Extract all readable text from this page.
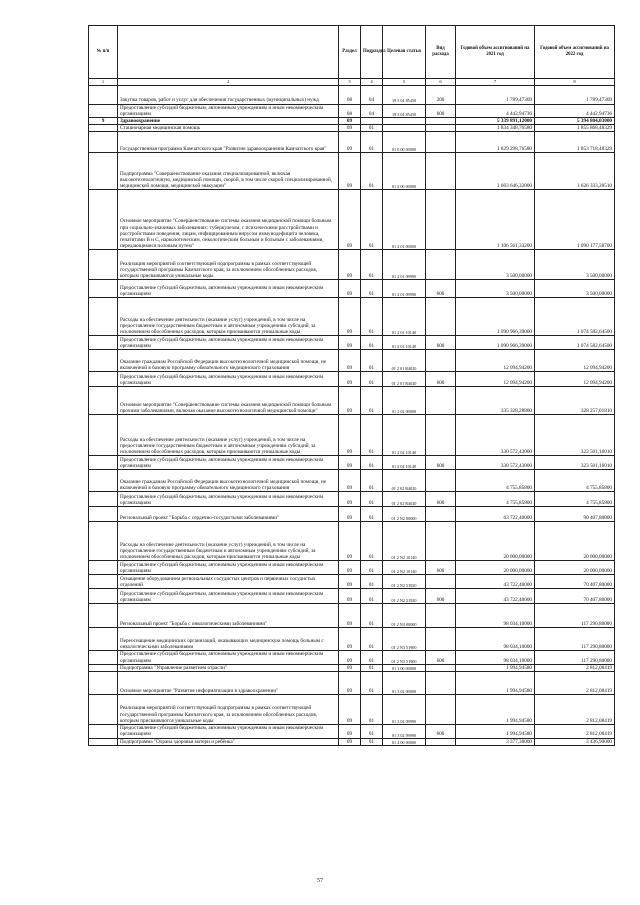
№ п/п		Раздел	Подраздел	Целевая статья	Вид расхода	Годовой объем ассигнований на 2021 год	Годовой объем ассигнований на 2022 год
1	2	3	4	5	6	7	8
	Закупка товаров, работ и услуг для обеспечения государственных (муниципальных) нужд	08	04	19 3 04 85450	200	1 789,47369	1 789,47369
	Предоставление субсидий бюджетным, автономным учреждениям и иным некоммерческим организациям	08	04	19 3 04 85450	600	4 442,94736	4 442,94736
9	Здравоохранение	09				5 339 891,12000	5 394 804,03000
	Стационарная медицинская помощь	09	01			1 834 348,76580	1 855 868,48329
	Государственная программа Камчатского края "Развитие здравоохранения Камчатского края"	09	01	01 0 00 00000		1 829 298,76580	1 853 718,48329
	Подпрограмма "Совершенствование оказания специализированной, включая высокотехнологичную, медицинской помощи, скорой, в том числе скорой специализированной, медицинской помощи, медицинской эвакуации"	09	01	01 2 00 00000		1 603 646,32000	1 626 333,20510
	Основное мероприятие "Совершенствование системы оказания медицинской помощи больным при социально-значимых заболеваниях: туберкулезом, с психическими расстройствами и расстройствами поведения, лицам, инфицированным вирусом иммунодефицита человека, гепатитами В и С, наркологическим, онкологическим больным и больным с заболеваниями, передающимися половым путем"	09	01	01 2 01 00000		1 106 561,33200	1 090 177,58700
	Реализация мероприятий соответствующей подпрограммы в рамках соответствующей государственной программы Камчатского края, за исключением обособленных расходов, которым присваиваются уникальные коды	09	01	01 2 01 09990		3 500,00000	3 500,00000
	Предоставление субсидий бюджетным, автономным учреждениям и иным некоммерческим организациям	09	01	01 2 01 09990	600	3 500,00000	3 500,00000
	Расходы на обеспечение деятельности (оказание услуг) учреждений, в том числе на предоставление государственным бюджетным и автономным учреждениям субсидий, за исключением обособленных расходов, которым присваиваются уникальные коды	09	01	01 2 01 10140		1 090 966,39000	1 074 582,64500
	Предоставление субсидий бюджетным, автономным учреждениям и иным некоммерческим организациям	09	01	01 2 01 10140	600	1 090 966,39000	1 074 582,64500
	Оказание гражданам Российской Федерации высокотехнологичной медицинской помощи, не включенной в базовую программу обязательного медицинского страхования	09	01	01 2 01 R4020		12 094,94200	12 094,94200
	Предоставление субсидий бюджетным, автономным учреждениям и иным некоммерческим организациям	09	01	01 2 01 R4020	600	12 094,94200	12 094,94200
	Основное мероприятие "Совершенствование системы оказания медицинской помощи больным прочими заболеваниями, включая оказание высокотехнологичной медицинской помощи"	09	01	01 2 02 00000		335 328,28800	328 257,01810
	Расходы на обеспечение деятельности (оказание услуг) учреждений, в том числе на предоставление государственным бюджетным и автономным учреждениям субсидий, за исключением обособленных расходов, которым присваиваются уникальные коды	09	01	01 2 02 10140		330 572,43000	323 501,16010
	Предоставление субсидий бюджетным, автономным учреждениям и иным некоммерческим организациям	09	01	01 2 02 10140	600	330 572,43000	323 501,16010
	Оказание гражданам Российской Федерации высокотехнологичной медицинской помощи, не включенной в базовую программу обязательного медицинского страхования	09	01	01 2 02 R4020		4 755,85800	4 755,85800
	Предоставление субсидий бюджетным, автономным учреждениям и иным некоммерческим организациям	09	01	01 2 02 R4020	600	4 755,85800	4 755,85800
	Региональный проект "Борьба с сердечно-сосудистыми заболеваниями"	09	01	01 2 N2 00000		63 722,40000	90 407,80000
	Расходы на обеспечение деятельности (оказание услуг) учреждений, в том числе на предоставление государственным бюджетным и автономным учреждениям субсидий, за исключением обособленных расходов, которым присваиваются уникальные коды	09	01	01 2 N2 10140		20 000,00000	20 000,00000
	Предоставление субсидий бюджетным, автономным учреждениям и иным некоммерческим организациям	09	01	01 2 N2 10140	600	20 000,00000	20 000,00000
	Оснащение оборудованием региональных сосудистых центров и первичных сосудистых отделений	09	01	01 2 N2 51920		43 722,40000	70 407,80000
	Предоставление субсидий бюджетным, автономным учреждениям и иным некоммерческим организациям	09	01	01 2 N2 51920	600	43 722,40000	70 407,80000
	Региональный проект "Борьба с онкологическими заболеваниями"	09	01	01 2 N3 00000		98 034,10000	117 290,80000
	Переоснащение медицинских организаций, оказывающих медицинскую помощь больным с онкологическими заболеваниями	09	01	01 2 N3 51900		98 034,10000	117 290,80000
	Предоставление субсидий бюджетным, автономным учреждениям и иным некоммерческим организациям	09	01	01 2 N3 51900	600	98 034,10000	117 290,80000
	Подпрограмма "Управление развитием отрасли"	09	01	01 3 00 00000		1 994,94580	2 812,08419
	Основное мероприятие "Развитие информатизации в здравоохранении"	09	01	01 3 02 00000		1 994,94580	2 812,08419
	Реализация мероприятий соответствующей подпрограммы в рамках соответствующей государственной программы Камчатского края, за исключением обособленных расходов, которым присваиваются уникальные коды	09	01	01 3 02 09990		1 994,94580	2 812,08419
	Предоставление субсидий бюджетным, автономным учреждениям и иным некоммерческим организациям	09	01	01 3 02 09990	600	1 994,94580	2 812,08419
	Подпрограмма "Охрана здоровья матери и ребёнка"	09	01	01 4 00 00000		3 377,30000	3 436,90000
57
